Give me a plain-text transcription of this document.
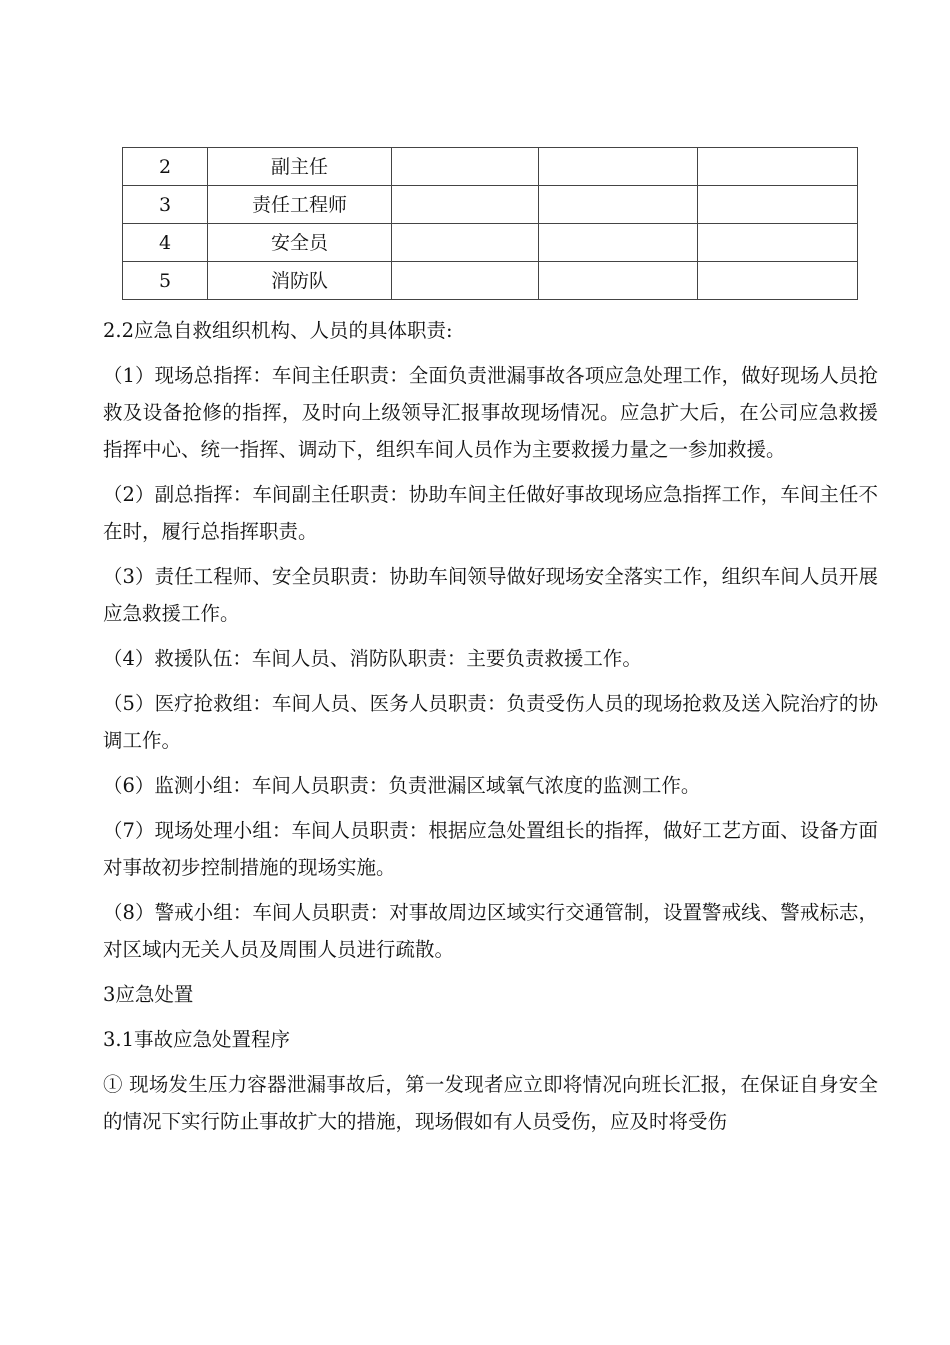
2	副主任			
3	责任工程师			
4	安全员			
5	消防队			

2.2应急自救组织机构、人员的具体职责:

（1）现场总指挥：车间主任职责：全面负责泄漏事故各项应急处理工作，做好现场人员抢救及设备抢修的指挥，及时向上级领导汇报事故现场情况。应急扩大后，在公司应急救援指挥中心、统一指挥、调动下，组织车间人员作为主要救援力量之一参加救援。

（2）副总指挥：车间副主任职责：协助车间主任做好事故现场应急指挥工作，车间主任不在时，履行总指挥职责。

（3）责任工程师、安全员职责：协助车间领导做好现场安全落实工作，组织车间人员开展应急救援工作。

（4）救援队伍：车间人员、消防队职责：主要负责救援工作。

（5）医疗抢救组：车间人员、医务人员职责：负责受伤人员的现场抢救及送入院治疗的协调工作。

（6）监测小组：车间人员职责：负责泄漏区域氧气浓度的监测工作。

（7）现场处理小组：车间人员职责：根据应急处置组长的指挥，做好工艺方面、设备方面对事故初步控制措施的现场实施。

（8）警戒小组：车间人员职责：对事故周边区域实行交通管制，设置警戒线、警戒标志，对区域内无关人员及周围人员进行疏散。

3应急处置

3.1事故应急处置程序

① 现场发生压力容器泄漏事故后，第一发现者应立即将情况向班长汇报，在保证自身安全的情况下实行防止事故扩大的措施，现场假如有人员受伤，应及时将受伤
